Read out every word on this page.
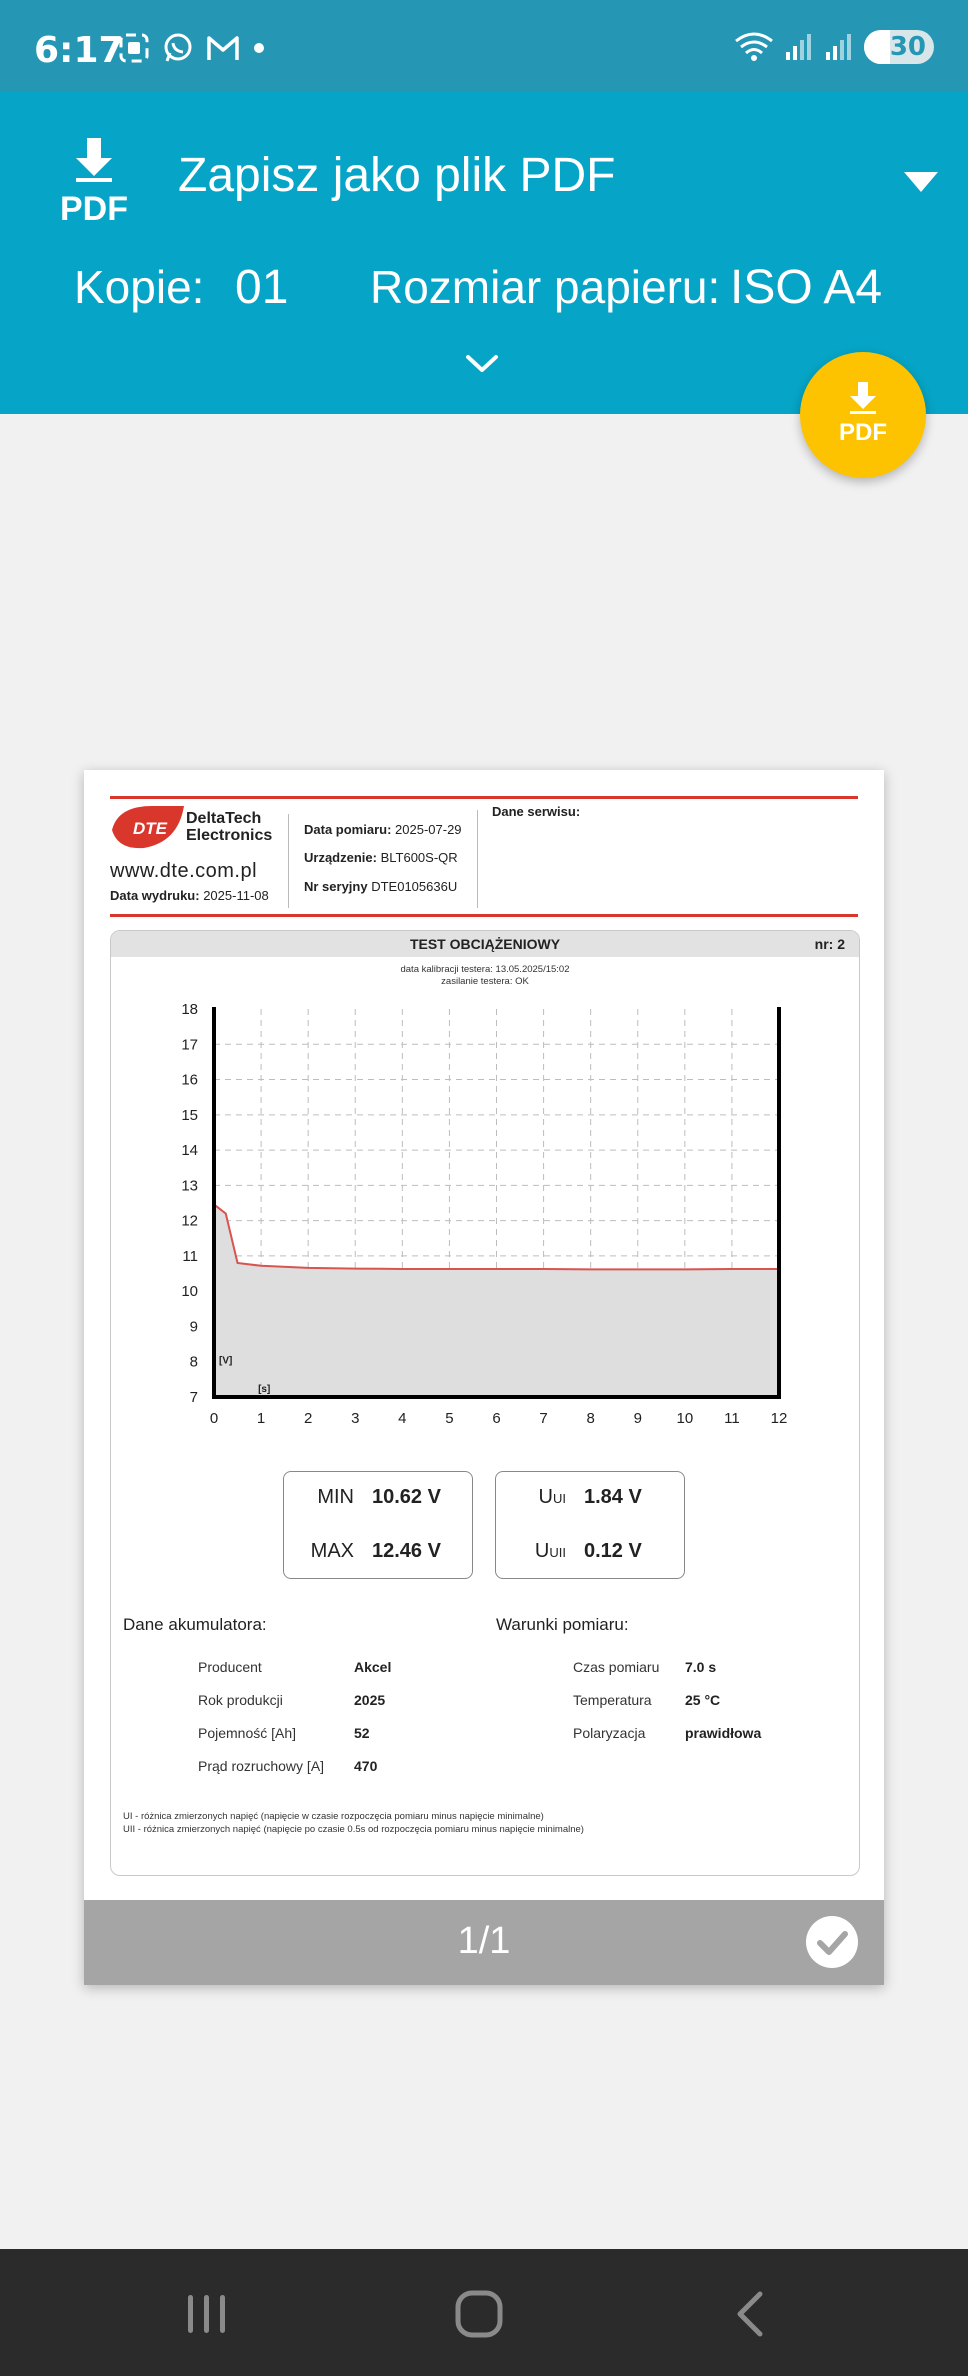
6:17	30
PDF
Zapisz jako plik PDF
Kopie: 01 Rozmiar papieru: ISO A4
PDF
DTE
DeltaTech
Electronics
www.dte.com.pl
Data wydruku: 2025-11-08
Data pomiaru: 2025-07-29
Urządzenie: BLT600S-QR
Nr seryjny DTE0105636U
Dane serwisu:
TEST OBCIĄŻENIOWY	nr: 2
data kalibracji testera: 13.05.2025/15:02
zasilanie testera: OK
0	1	2	3	4	5	6	7	8	9 10 11 12
7
8
9
10
11
12
13
14
15
16
17
18
[V]
[s]
MIN 10.62 V
MAX 12.46 V
UUI 1.84 V
UUII 0.12 V
Dane akumulatora:
Producent	Akcel
Rok produkcji	2025
Pojemność [Ah]	52
Prąd rozruchowy [A] 470
Warunki pomiaru:
Czas pomiaru 7.0 s
Temperatura 25 °C
Polaryzacja	prawidłowa
UI - różnica zmierzonych napięć (napięcie w czasie rozpoczęcia pomiaru minus napięcie minimalne)
UII - różnica zmierzonych napięć (napięcie po czasie 0.5s od rozpoczęcia pomiaru minus napięcie minimalne)
1/1
